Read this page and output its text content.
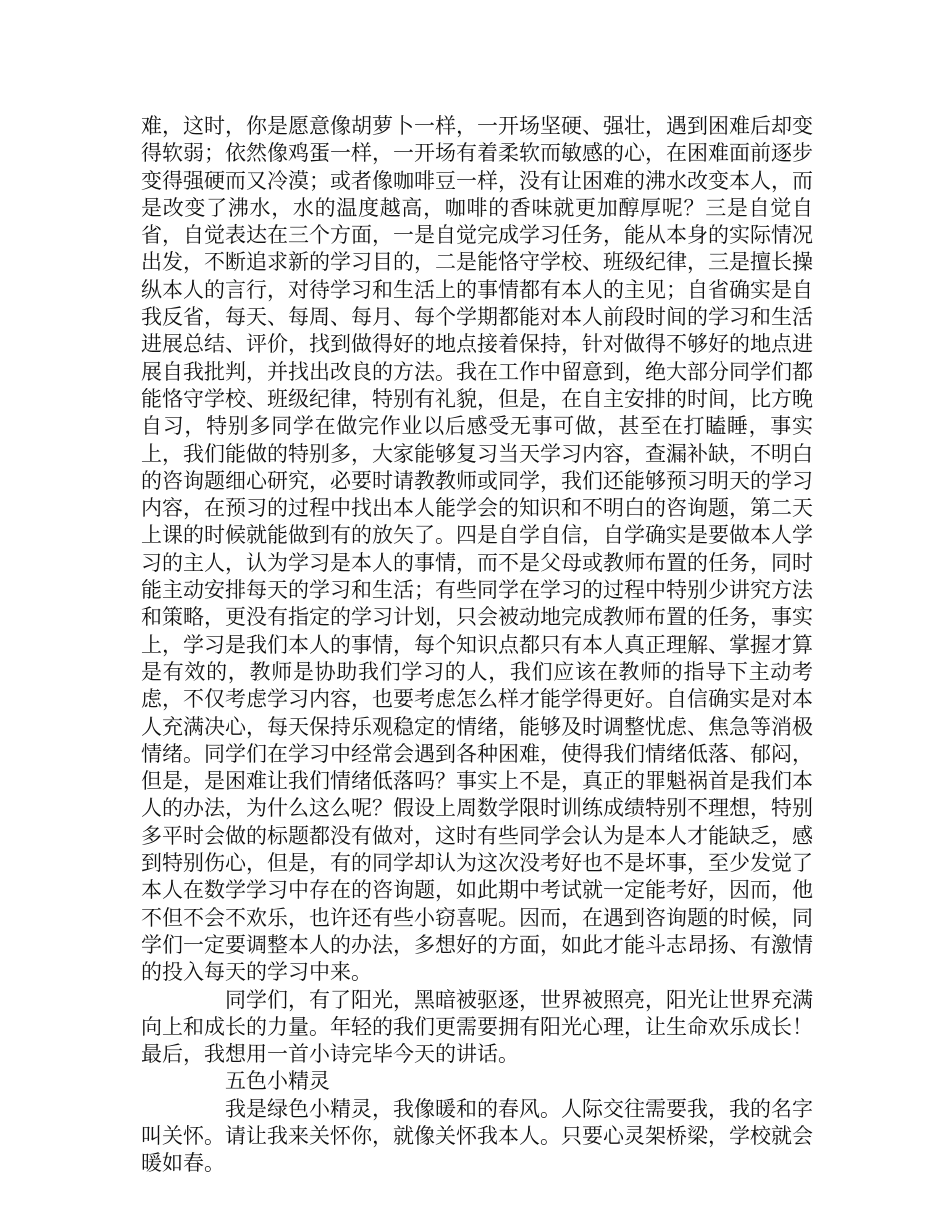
难，这时，你是愿意像胡萝卜一样，一开场坚硬、强壮，遇到困难后却变得软弱；依然像鸡蛋一样，一开场有着柔软而敏感的心，在困难面前逐步变得强硬而又冷漠；或者像咖啡豆一样，没有让困难的沸水改变本人，而是改变了沸水，水的温度越高，咖啡的香味就更加醇厚呢？三是自觉自省，自觉表达在三个方面，一是自觉完成学习任务，能从本身的实际情况出发，不断追求新的学习目的，二是能恪守学校、班级纪律，三是擅长操纵本人的言行，对待学习和生活上的事情都有本人的主见；自省确实是自我反省，每天、每周、每月、每个学期都能对本人前段时间的学习和生活进展总结、评价，找到做得好的地点接着保持，针对做得不够好的地点进展自我批判，并找出改良的方法。我在工作中留意到，绝大部分同学们都能恪守学校、班级纪律，特别有礼貌，但是，在自主安排的时间，比方晚自习，特别多同学在做完作业以后感受无事可做，甚至在打瞌睡，事实上，我们能做的特别多，大家能够复习当天学习内容，查漏补缺，不明白的咨询题细心研究，必要时请教教师或同学，我们还能够预习明天的学习内容，在预习的过程中找出本人能学会的知识和不明白的咨询题，第二天上课的时候就能做到有的放矢了。四是自学自信，自学确实是要做本人学习的主人，认为学习是本人的事情，而不是父母或教师布置的任务，同时能主动安排每天的学习和生活；有些同学在学习的过程中特别少讲究方法和策略，更没有指定的学习计划，只会被动地完成教师布置的任务，事实上，学习是我们本人的事情，每个知识点都只有本人真正理解、掌握才算是有效的，教师是协助我们学习的人，我们应该在教师的指导下主动考虑，不仅考虑学习内容，也要考虑怎么样才能学得更好。自信确实是对本人充满决心，每天保持乐观稳定的情绪，能够及时调整忧虑、焦急等消极情绪。同学们在学习中经常会遇到各种困难，使得我们情绪低落、郁闷，但是，是困难让我们情绪低落吗？事实上不是，真正的罪魁祸首是我们本人的办法，为什么这么呢？假设上周数学限时训练成绩特别不理想，特别多平时会做的标题都没有做对，这时有些同学会认为是本人才能缺乏，感到特别伤心，但是，有的同学却认为这次没考好也不是坏事，至少发觉了本人在数学学习中存在的咨询题，如此期中考试就一定能考好，因而，他不但不会不欢乐，也许还有些小窃喜呢。因而，在遇到咨询题的时候，同学们一定要调整本人的办法，多想好的方面，如此才能斗志昂扬、有激情的投入每天的学习中来。

同学们，有了阳光，黑暗被驱逐，世界被照亮，阳光让世界充满向上和成长的力量。年轻的我们更需要拥有阳光心理，让生命欢乐成长！最后，我想用一首小诗完毕今天的讲话。

五色小精灵

我是绿色小精灵，我像暖和的春风。人际交往需要我，我的名字叫关怀。请让我来关怀你，就像关怀我本人。只要心灵架桥梁，学校就会暖如春。
